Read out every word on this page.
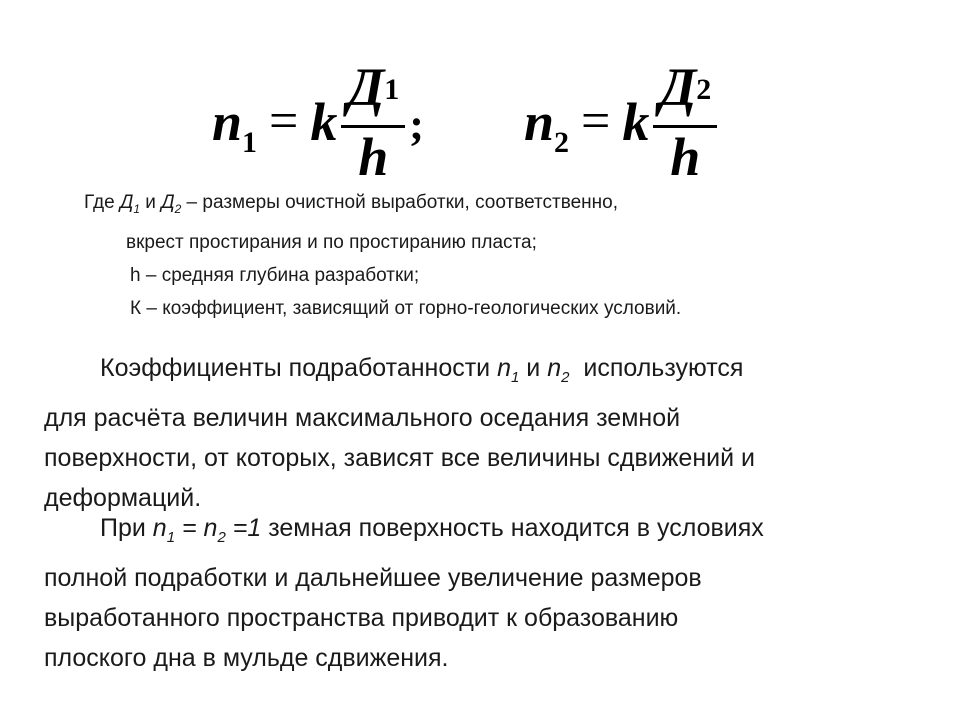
$n_1 = k \frac{Д1}{h}$ ; $n_2 = k \frac{Д2}{h}$
Где $Д_1$ и $Д_2$ – размеры очистной выработки, соответственно,
вкрест простирания и по простиранию пласта;
h – средняя глубина разработки;
К – коэффициент, зависящий от горно-геологических условий.
Коэффициенты подработанности $n_1$ и $n_2$  используются
для расчёта величин максимального оседания земной
поверхности, от которых, зависят все величины сдвижений и
деформаций.
При $n_1 = n_2 =1$ земная поверхность находится в условиях
полной подработки и дальнейшее увеличение размеров
выработанного пространства приводит к образованию
плоского дна в мульде сдвижения.
